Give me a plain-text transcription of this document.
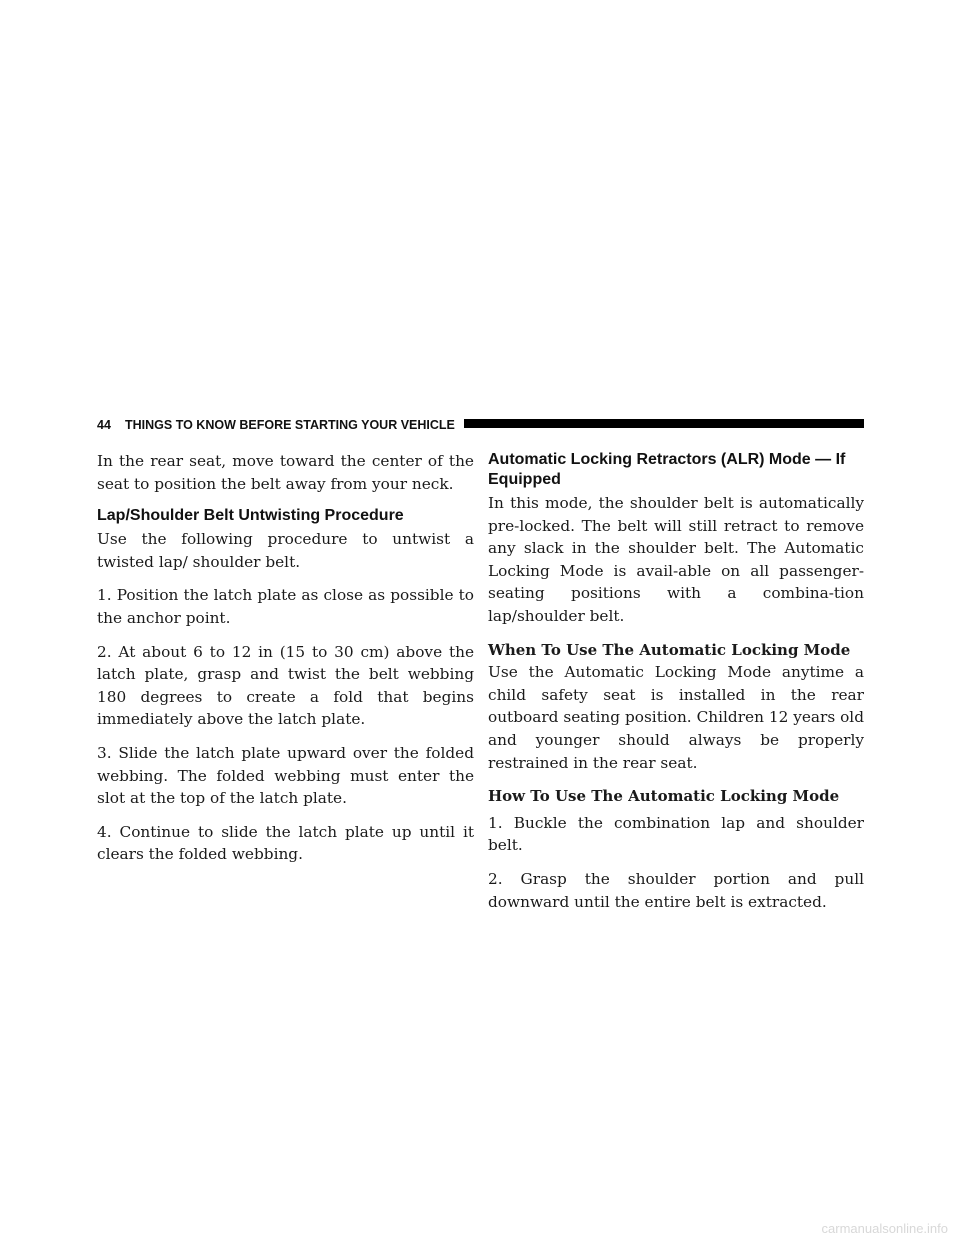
44 THINGS TO KNOW BEFORE STARTING YOUR VEHICLE

In the rear seat, move toward the center of the seat to position the belt away from your neck.

Lap/Shoulder Belt Untwisting Procedure

Use the following procedure to untwist a twisted lap/ shoulder belt.

1. Position the latch plate as close as possible to the anchor point.

2. At about 6 to 12 in (15 to 30 cm) above the latch plate, grasp and twist the belt webbing 180 degrees to create a fold that begins immediately above the latch plate.

3. Slide the latch plate upward over the folded webbing. The folded webbing must enter the slot at the top of the latch plate.

4. Continue to slide the latch plate up until it clears the folded webbing.

Automatic Locking Retractors (ALR) Mode — If Equipped

In this mode, the shoulder belt is automatically pre-locked. The belt will still retract to remove any slack in the shoulder belt. The Automatic Locking Mode is avail-able on all passenger-seating positions with a combina-tion lap/shoulder belt.

When To Use The Automatic Locking Mode

Use the Automatic Locking Mode anytime a child safety seat is installed in the rear outboard seating position. Children 12 years old and younger should always be properly restrained in the rear seat.

How To Use The Automatic Locking Mode

1. Buckle the combination lap and shoulder belt.

2. Grasp the shoulder portion and pull downward until the entire belt is extracted.

carmanualsonline.info
